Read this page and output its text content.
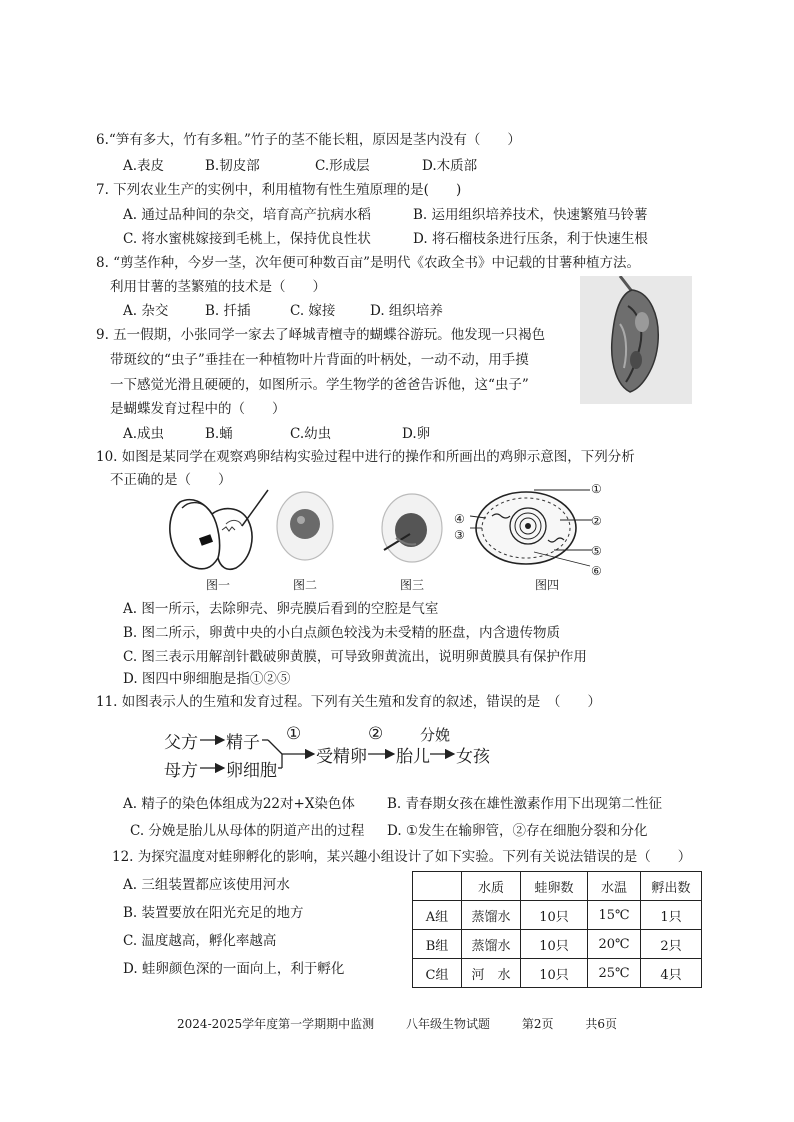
6.“笋有多大，竹有多粗。”竹子的茎不能长粗，原因是茎内没有（　　）
A.表皮	B.韧皮部	C.形成层	D.木质部
7. 下列农业生产的实例中，利用植物有性生殖原理的是(　　)
A. 通过品种间的杂交，培育高产抗病水稻	B. 运用组织培养技术，快速繁殖马铃薯
C. 将水蜜桃嫁接到毛桃上，保持优良性状	D. 将石榴枝条进行压条，利于快速生根
8. “剪茎作种，今岁一茎，次年便可种数百亩”是明代《农政全书》中记载的甘薯种植方法。
利用甘薯的茎繁殖的技术是（　　）
A. 杂交	B. 扦插	C. 嫁接	D. 组织培养
9. 五一假期，小张同学一家去了峄城青檀寺的蝴蝶谷游玩。他发现一只褐色
带斑纹的“虫子”垂挂在一种植物叶片背面的叶柄处，一动不动，用手摸
一下感觉光滑且硬硬的，如图所示。学生物学的爸爸告诉他，这“虫子”
是蝴蝶发育过程中的（　　）
A.成虫	B.蛹	C.幼虫	D.卵
10. 如图是某同学在观察鸡卵结构实验过程中进行的操作和所画出的鸡卵示意图，下列分析
不正确的是（　　）
图一	图二	图三
①
②
③
④
⑤
⑥
图四
A. 图一所示，去除卵壳、卵壳膜后看到的空腔是气室
B. 图二所示，卵黄中央的小白点颜色较浅为未受精的胚盘，内含遗传物质
C. 图三表示用解剖针戳破卵黄膜，可导致卵黄流出，说明卵黄膜具有保护作用
D. 图四中卵细胞是指①②⑤
11. 如图表示人的生殖和发育过程。下列有关生殖和发育的叙述，错误的是　（　　）
父方
母方
精子
卵细胞
①
受精卵
②
胎儿
分娩
女孩
A. 精子的染色体组成为22对+X染色体 B. 青春期女孩在雄性激素作用下出现第二性征
C. 分娩是胎儿从母体的阴道产出的过程 D. ①发生在输卵管，②存在细胞分裂和分化
12. 为探究温度对蛙卵孵化的影响，某兴趣小组设计了如下实验。下列有关说法错误的是（　　）
A. 三组装置都应该使用河水
B. 装置要放在阳光充足的地方
C. 温度越高，孵化率越高
D. 蛙卵颜色深的一面向上，利于孵化
	水质	蛙卵数	水温	孵出数
A组	蒸馏水	10只	15℃	1只
B组	蒸馏水	10只	20℃	2只
C组	河　水	10只	25℃	4只
2024-2025学年度第一学期期中监测	八年级生物试题	第2页	共6页
